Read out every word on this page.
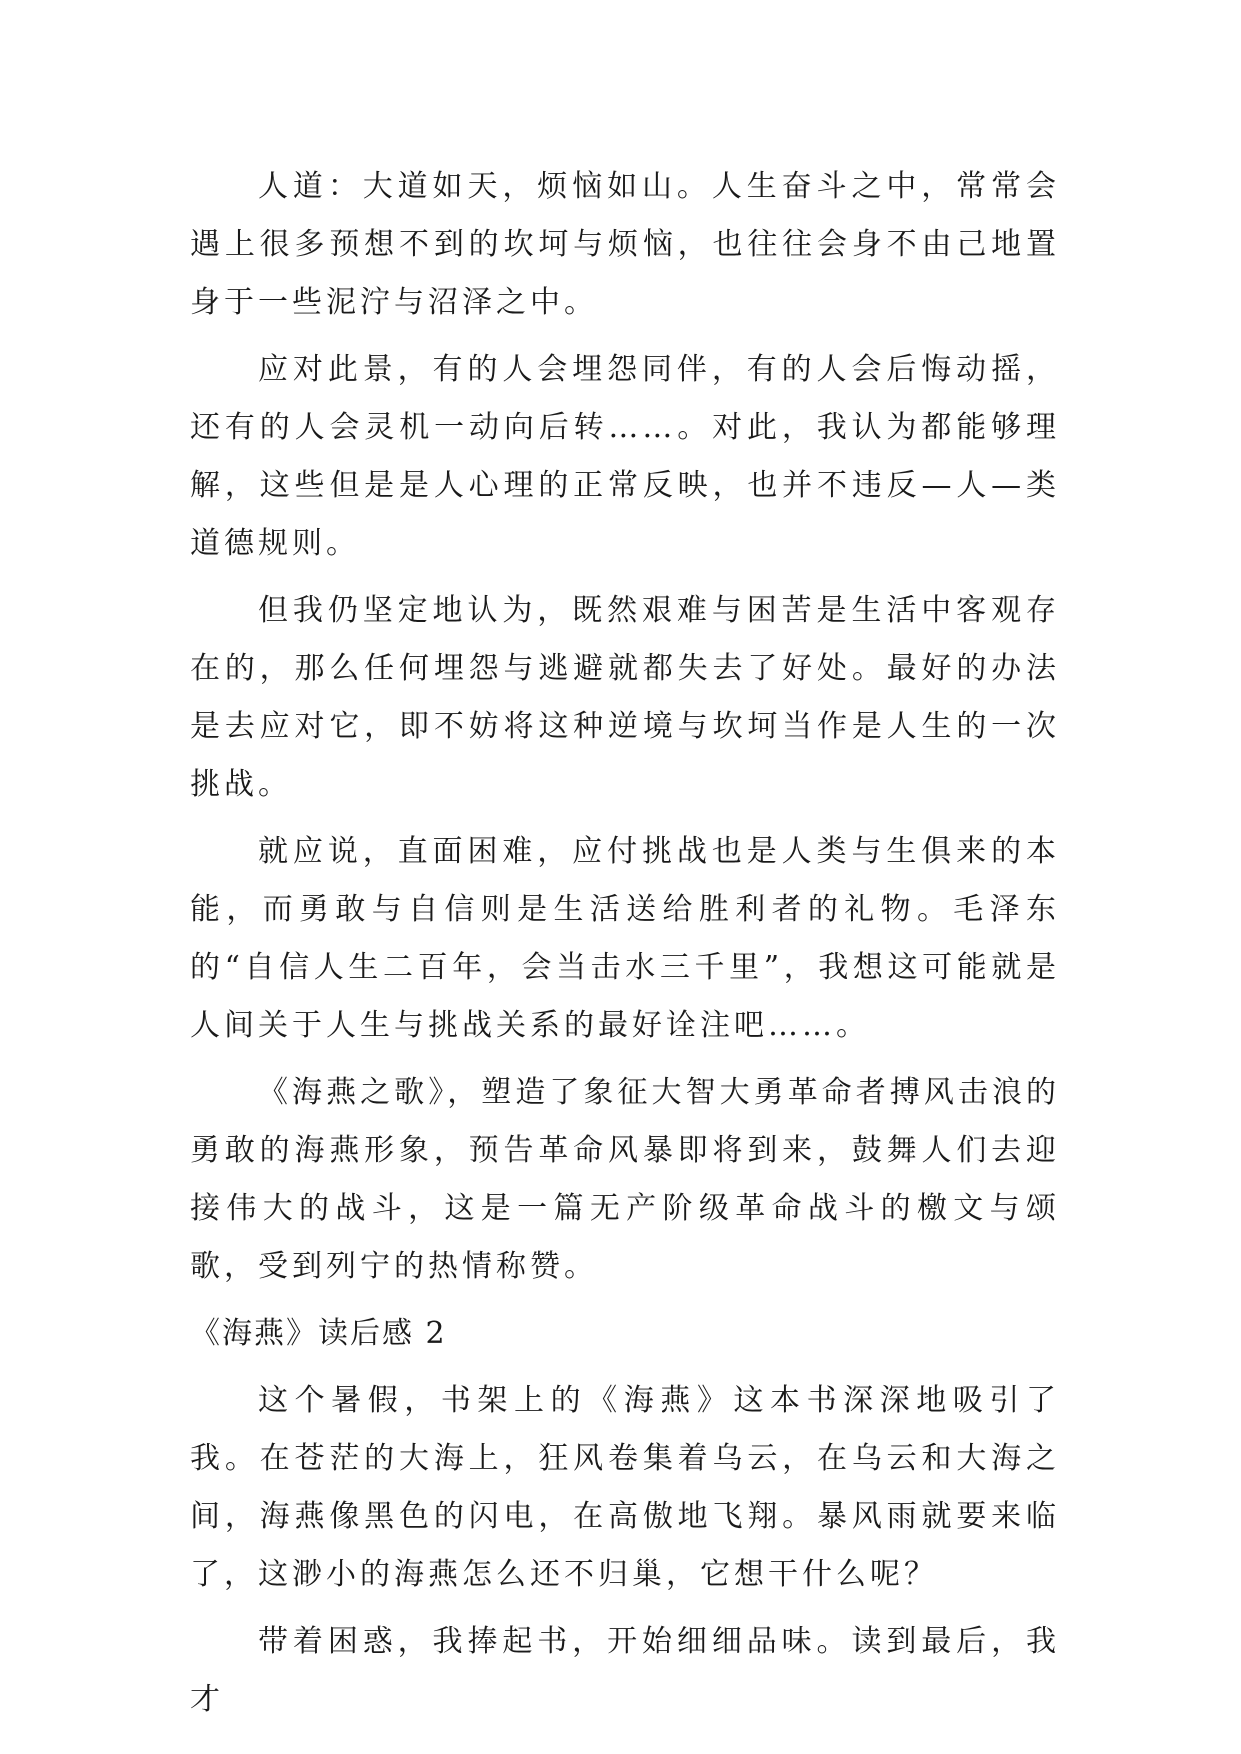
人道：大道如天，烦恼如山。人生奋斗之中，常常会遇上很多预想不到的坎坷与烦恼，也往往会身不由己地置身于一些泥泞与沼泽之中。

应对此景，有的人会埋怨同伴，有的人会后悔动摇，还有的人会灵机一动向后转……。对此，我认为都能够理解，这些但是是人心理的正常反映，也并不违反—人—类道德规则。

但我仍坚定地认为，既然艰难与困苦是生活中客观存在的，那么任何埋怨与逃避就都失去了好处。最好的办法是去应对它，即不妨将这种逆境与坎坷当作是人生的一次挑战。

就应说，直面困难，应付挑战也是人类与生俱来的本能，而勇敢与自信则是生活送给胜利者的礼物。毛泽东的“自信人生二百年，会当击水三千里”，我想这可能就是人间关于人生与挑战关系的最好诠注吧……。

《海燕之歌》，塑造了象征大智大勇革命者搏风击浪的勇敢的海燕形象，预告革命风暴即将到来，鼓舞人们去迎接伟大的战斗，这是一篇无产阶级革命战斗的檄文与颂歌，受到列宁的热情称赞。

《海燕》读后感 2

这个暑假，书架上的《海燕》这本书深深地吸引了我。在苍茫的大海上，狂风卷集着乌云，在乌云和大海之间，海燕像黑色的闪电，在高傲地飞翔。暴风雨就要来临了，这渺小的海燕怎么还不归巢，它想干什么呢？

带着困惑，我捧起书，开始细细品味。读到最后，我才
